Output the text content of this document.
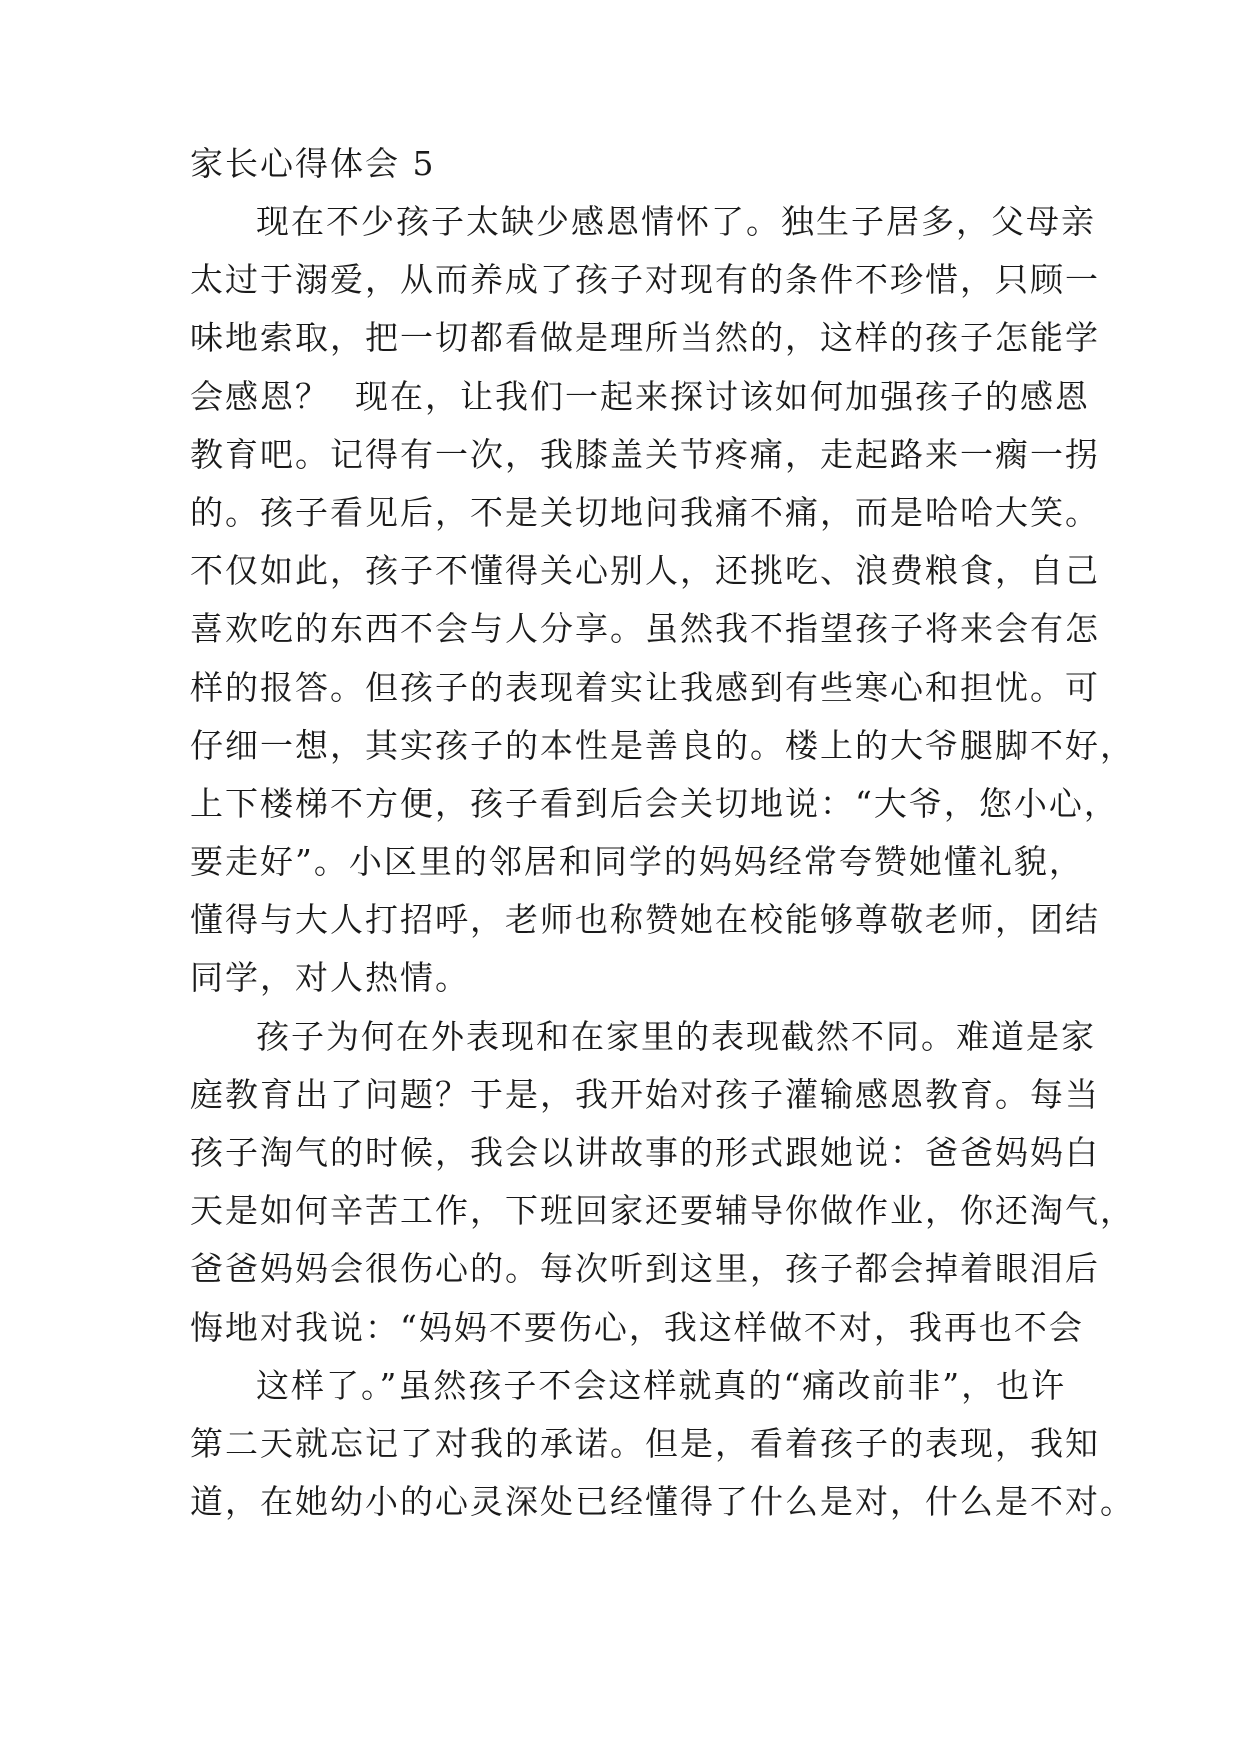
家长心得体会 5
现在不少孩子太缺少感恩情怀了。独生子居多，父母亲
太过于溺爱，从而养成了孩子对现有的条件不珍惜，只顾一
味地索取，把一切都看做是理所当然的，这样的孩子怎能学
会感恩？  现在，让我们一起来探讨该如何加强孩子的感恩
教育吧。记得有一次，我膝盖关节疼痛，走起路来一瘸一拐
的。孩子看见后，不是关切地问我痛不痛，而是哈哈大笑。
不仅如此，孩子不懂得关心别人，还挑吃、浪费粮食，自己
喜欢吃的东西不会与人分享。虽然我不指望孩子将来会有怎
样的报答。但孩子的表现着实让我感到有些寒心和担忧。可
仔细一想，其实孩子的本性是善良的。楼上的大爷腿脚不好，
上下楼梯不方便，孩子看到后会关切地说：“大爷，您小心，
要走好”。小区里的邻居和同学的妈妈经常夸赞她懂礼貌，
懂得与大人打招呼，老师也称赞她在校能够尊敬老师，团结
同学，对人热情。
孩子为何在外表现和在家里的表现截然不同。难道是家
庭教育出了问题？于是，我开始对孩子灌输感恩教育。每当
孩子淘气的时候，我会以讲故事的形式跟她说：爸爸妈妈白
天是如何辛苦工作，下班回家还要辅导你做作业，你还淘气，
爸爸妈妈会很伤心的。每次听到这里，孩子都会掉着眼泪后
悔地对我说：“妈妈不要伤心，我这样做不对，我再也不会
这样了。”虽然孩子不会这样就真的“痛改前非”，也许
第二天就忘记了对我的承诺。但是，看着孩子的表现，我知
道，在她幼小的心灵深处已经懂得了什么是对，什么是不对。
